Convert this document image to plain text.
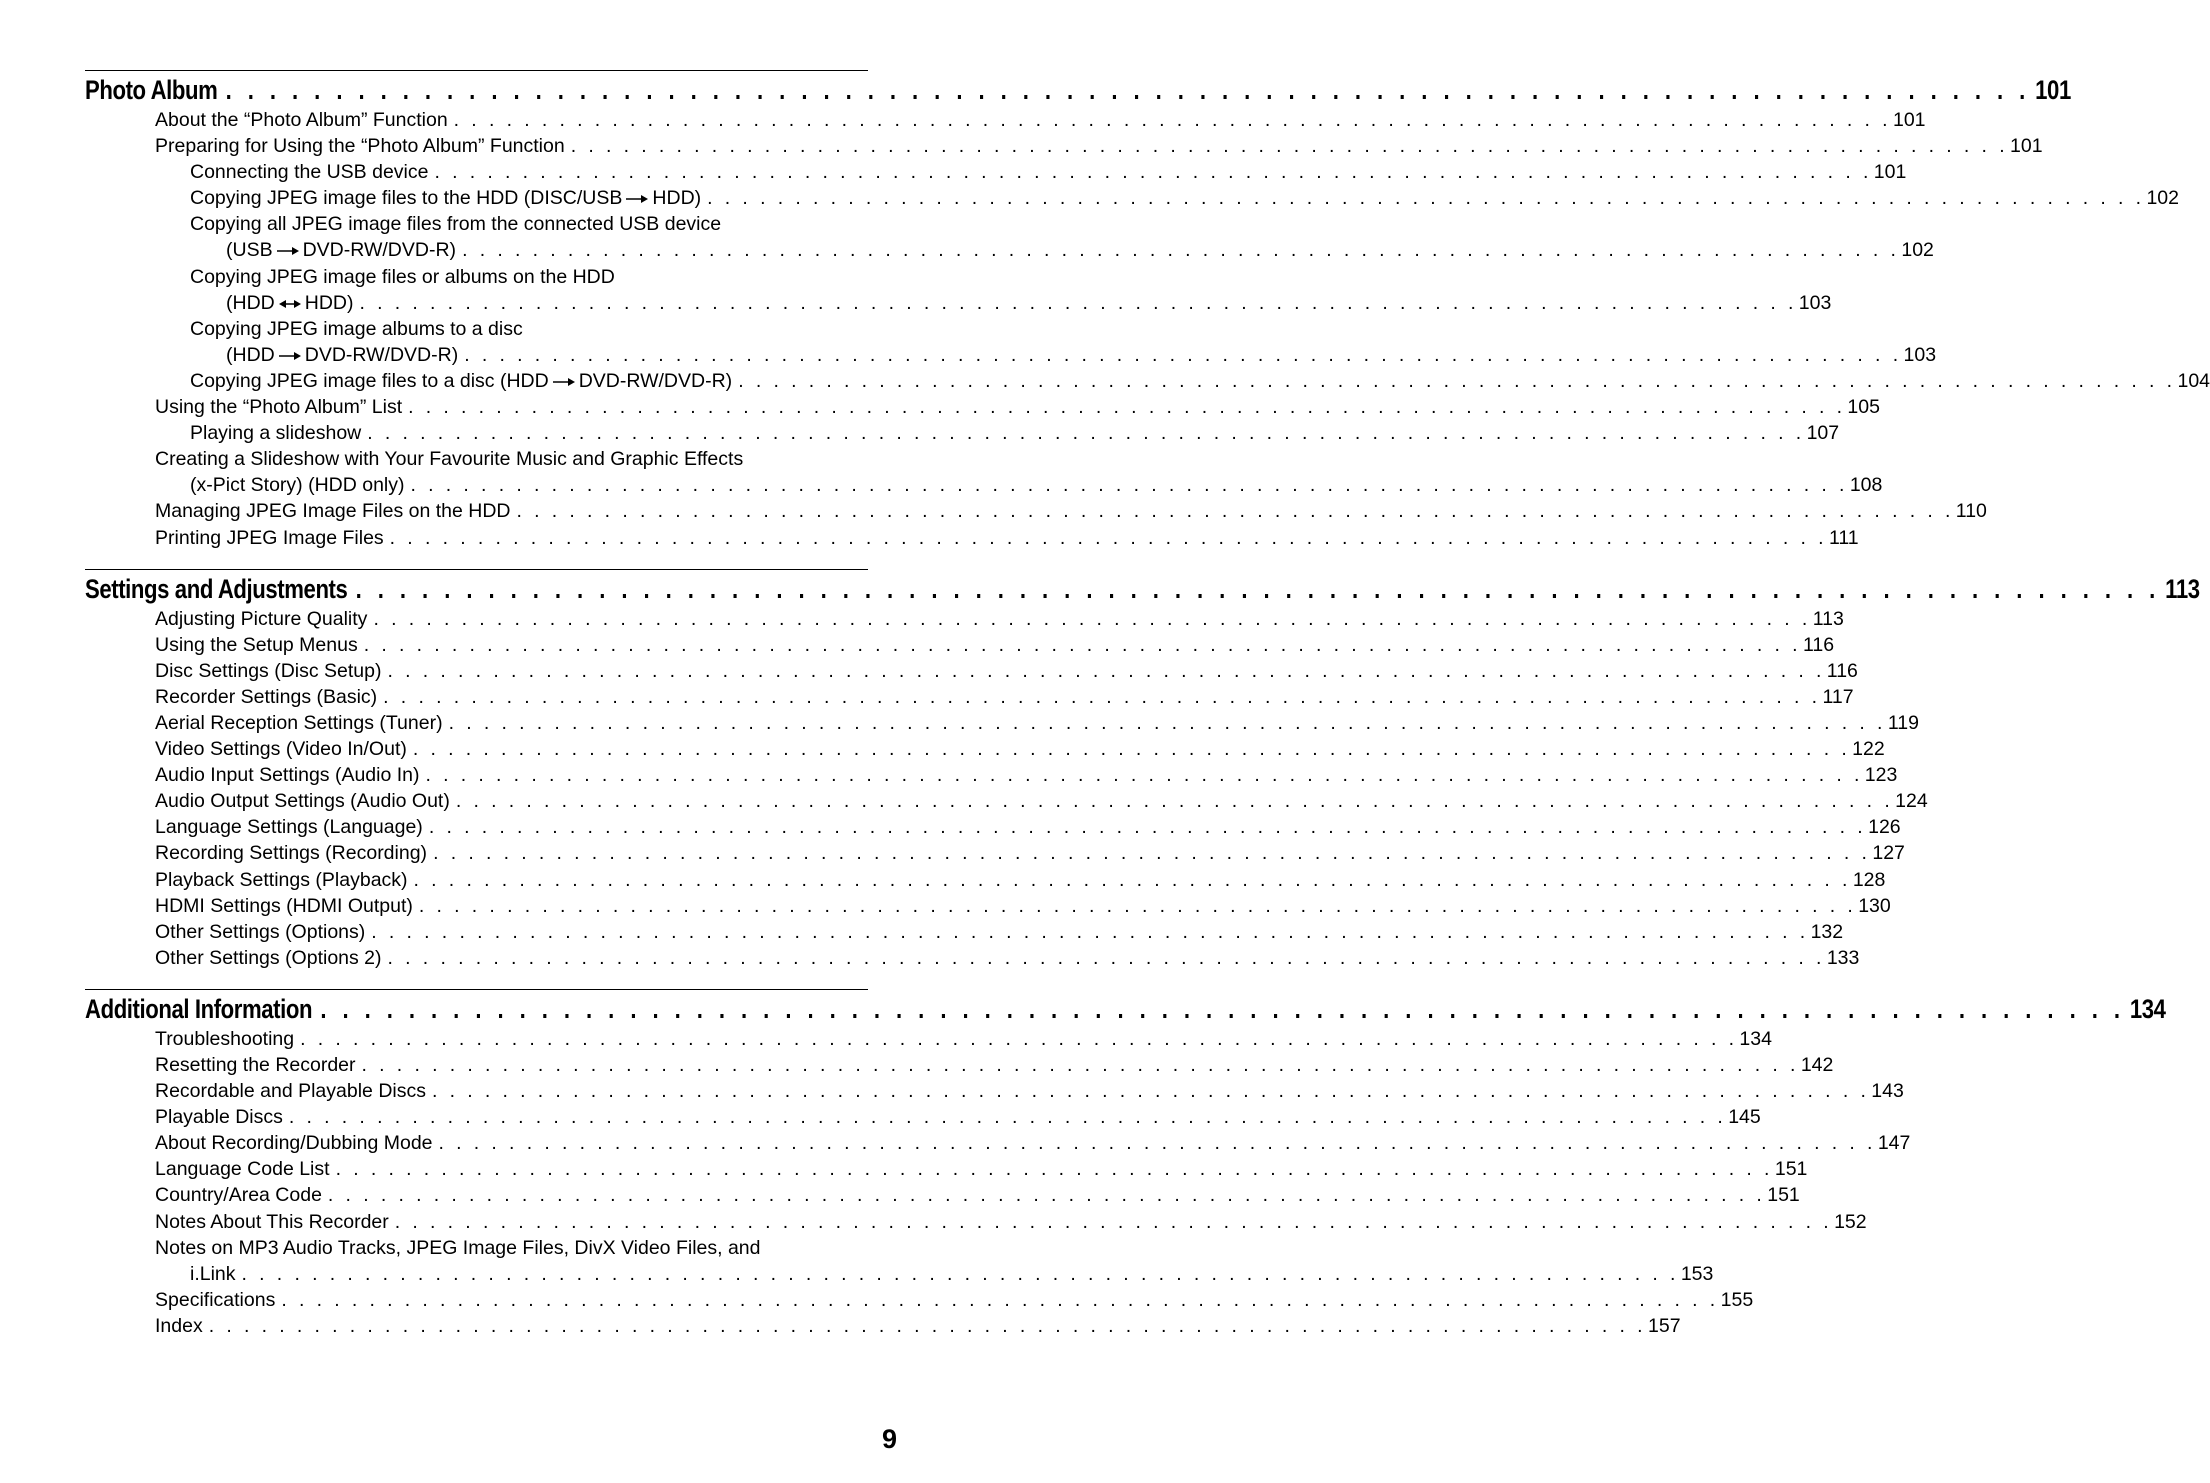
Photo Album . . . . . . . . . . . . . . . . . . . . . . . . . . . . . . . . . . . . . . . . . . . . . . . . . . . . . . . . . . . . . . . . . . . . . . . . . . . . . . . . . . 101
About the “Photo Album” Function . . . . . . . . . . . . . . . . . . . . . . . . . . . . . . . . . . . . . . . . . . . . . . . . . . . . . . . . . . . . . . . . . . . . . . . . . . . . . . . . . . 101
Preparing for Using the “Photo Album” Function . . . . . . . . . . . . . . . . . . . . . . . . . . . . . . . . . . . . . . . . . . . . . . . . . . . . . . . . . . . . . . . . . . . . . . . . . . . . . . . . . . 101
Connecting the USB device . . . . . . . . . . . . . . . . . . . . . . . . . . . . . . . . . . . . . . . . . . . . . . . . . . . . . . . . . . . . . . . . . . . . . . . . . . . . . . . . . . 101
Copying JPEG image files to the HDD (DISC/USB HDD) . . . . . . . . . . . . . . . . . . . . . . . . . . . . . . . . . . . . . . . . . . . . . . . . . . . . . . . . . . . . . . . . . . . . . . . . . . . . . . . . . . 102
Copying all JPEG image files from the connected USB device
(USB DVD-RW/DVD-R) . . . . . . . . . . . . . . . . . . . . . . . . . . . . . . . . . . . . . . . . . . . . . . . . . . . . . . . . . . . . . . . . . . . . . . . . . . . . . . . . . . 102
Copying JPEG image files or albums on the HDD
(HDD HDD) . . . . . . . . . . . . . . . . . . . . . . . . . . . . . . . . . . . . . . . . . . . . . . . . . . . . . . . . . . . . . . . . . . . . . . . . . . . . . . . . . . 103
Copying JPEG image albums to a disc
(HDD DVD-RW/DVD-R) . . . . . . . . . . . . . . . . . . . . . . . . . . . . . . . . . . . . . . . . . . . . . . . . . . . . . . . . . . . . . . . . . . . . . . . . . . . . . . . . . . 103
Copying JPEG image files to a disc (HDD DVD-RW/DVD-R) . . . . . . . . . . . . . . . . . . . . . . . . . . . . . . . . . . . . . . . . . . . . . . . . . . . . . . . . . . . . . . . . . . . . . . . . . . . . . . . . . . 104
Using the “Photo Album” List . . . . . . . . . . . . . . . . . . . . . . . . . . . . . . . . . . . . . . . . . . . . . . . . . . . . . . . . . . . . . . . . . . . . . . . . . . . . . . . . . . 105
Playing a slideshow . . . . . . . . . . . . . . . . . . . . . . . . . . . . . . . . . . . . . . . . . . . . . . . . . . . . . . . . . . . . . . . . . . . . . . . . . . . . . . . . . . 107
Creating a Slideshow with Your Favourite Music and Graphic Effects
(x-Pict Story) (HDD only) . . . . . . . . . . . . . . . . . . . . . . . . . . . . . . . . . . . . . . . . . . . . . . . . . . . . . . . . . . . . . . . . . . . . . . . . . . . . . . . . . . 108
Managing JPEG Image Files on the HDD . . . . . . . . . . . . . . . . . . . . . . . . . . . . . . . . . . . . . . . . . . . . . . . . . . . . . . . . . . . . . . . . . . . . . . . . . . . . . . . . . . 110
Printing JPEG Image Files . . . . . . . . . . . . . . . . . . . . . . . . . . . . . . . . . . . . . . . . . . . . . . . . . . . . . . . . . . . . . . . . . . . . . . . . . . . . . . . . . . 111
Settings and Adjustments . . . . . . . . . . . . . . . . . . . . . . . . . . . . . . . . . . . . . . . . . . . . . . . . . . . . . . . . . . . . . . . . . . . . . . . . . . . . . . . . . . 113
Adjusting Picture Quality . . . . . . . . . . . . . . . . . . . . . . . . . . . . . . . . . . . . . . . . . . . . . . . . . . . . . . . . . . . . . . . . . . . . . . . . . . . . . . . . . . 113
Using the Setup Menus . . . . . . . . . . . . . . . . . . . . . . . . . . . . . . . . . . . . . . . . . . . . . . . . . . . . . . . . . . . . . . . . . . . . . . . . . . . . . . . . . . 116
Disc Settings (Disc Setup) . . . . . . . . . . . . . . . . . . . . . . . . . . . . . . . . . . . . . . . . . . . . . . . . . . . . . . . . . . . . . . . . . . . . . . . . . . . . . . . . . . 116
Recorder Settings (Basic) . . . . . . . . . . . . . . . . . . . . . . . . . . . . . . . . . . . . . . . . . . . . . . . . . . . . . . . . . . . . . . . . . . . . . . . . . . . . . . . . . . 117
Aerial Reception Settings (Tuner) . . . . . . . . . . . . . . . . . . . . . . . . . . . . . . . . . . . . . . . . . . . . . . . . . . . . . . . . . . . . . . . . . . . . . . . . . . . . . . . . . . 119
Video Settings (Video In/Out) . . . . . . . . . . . . . . . . . . . . . . . . . . . . . . . . . . . . . . . . . . . . . . . . . . . . . . . . . . . . . . . . . . . . . . . . . . . . . . . . . . 122
Audio Input Settings (Audio In) . . . . . . . . . . . . . . . . . . . . . . . . . . . . . . . . . . . . . . . . . . . . . . . . . . . . . . . . . . . . . . . . . . . . . . . . . . . . . . . . . . 123
Audio Output Settings (Audio Out) . . . . . . . . . . . . . . . . . . . . . . . . . . . . . . . . . . . . . . . . . . . . . . . . . . . . . . . . . . . . . . . . . . . . . . . . . . . . . . . . . . 124
Language Settings (Language) . . . . . . . . . . . . . . . . . . . . . . . . . . . . . . . . . . . . . . . . . . . . . . . . . . . . . . . . . . . . . . . . . . . . . . . . . . . . . . . . . . 126
Recording Settings (Recording) . . . . . . . . . . . . . . . . . . . . . . . . . . . . . . . . . . . . . . . . . . . . . . . . . . . . . . . . . . . . . . . . . . . . . . . . . . . . . . . . . . 127
Playback Settings (Playback) . . . . . . . . . . . . . . . . . . . . . . . . . . . . . . . . . . . . . . . . . . . . . . . . . . . . . . . . . . . . . . . . . . . . . . . . . . . . . . . . . . 128
HDMI Settings (HDMI Output) . . . . . . . . . . . . . . . . . . . . . . . . . . . . . . . . . . . . . . . . . . . . . . . . . . . . . . . . . . . . . . . . . . . . . . . . . . . . . . . . . . 130
Other Settings (Options) . . . . . . . . . . . . . . . . . . . . . . . . . . . . . . . . . . . . . . . . . . . . . . . . . . . . . . . . . . . . . . . . . . . . . . . . . . . . . . . . . . 132
Other Settings (Options 2) . . . . . . . . . . . . . . . . . . . . . . . . . . . . . . . . . . . . . . . . . . . . . . . . . . . . . . . . . . . . . . . . . . . . . . . . . . . . . . . . . . 133
Additional Information . . . . . . . . . . . . . . . . . . . . . . . . . . . . . . . . . . . . . . . . . . . . . . . . . . . . . . . . . . . . . . . . . . . . . . . . . . . . . . . . . . 134
Troubleshooting . . . . . . . . . . . . . . . . . . . . . . . . . . . . . . . . . . . . . . . . . . . . . . . . . . . . . . . . . . . . . . . . . . . . . . . . . . . . . . . . . . 134
Resetting the Recorder . . . . . . . . . . . . . . . . . . . . . . . . . . . . . . . . . . . . . . . . . . . . . . . . . . . . . . . . . . . . . . . . . . . . . . . . . . . . . . . . . . 142
Recordable and Playable Discs . . . . . . . . . . . . . . . . . . . . . . . . . . . . . . . . . . . . . . . . . . . . . . . . . . . . . . . . . . . . . . . . . . . . . . . . . . . . . . . . . . 143
Playable Discs . . . . . . . . . . . . . . . . . . . . . . . . . . . . . . . . . . . . . . . . . . . . . . . . . . . . . . . . . . . . . . . . . . . . . . . . . . . . . . . . . . 145
About Recording/Dubbing Mode . . . . . . . . . . . . . . . . . . . . . . . . . . . . . . . . . . . . . . . . . . . . . . . . . . . . . . . . . . . . . . . . . . . . . . . . . . . . . . . . . . 147
Language Code List . . . . . . . . . . . . . . . . . . . . . . . . . . . . . . . . . . . . . . . . . . . . . . . . . . . . . . . . . . . . . . . . . . . . . . . . . . . . . . . . . . 151
Country/Area Code . . . . . . . . . . . . . . . . . . . . . . . . . . . . . . . . . . . . . . . . . . . . . . . . . . . . . . . . . . . . . . . . . . . . . . . . . . . . . . . . . . 151
Notes About This Recorder . . . . . . . . . . . . . . . . . . . . . . . . . . . . . . . . . . . . . . . . . . . . . . . . . . . . . . . . . . . . . . . . . . . . . . . . . . . . . . . . . . 152
Notes on MP3 Audio Tracks, JPEG Image Files, DivX Video Files, and
i.Link . . . . . . . . . . . . . . . . . . . . . . . . . . . . . . . . . . . . . . . . . . . . . . . . . . . . . . . . . . . . . . . . . . . . . . . . . . . . . . . . . . 153
Specifications . . . . . . . . . . . . . . . . . . . . . . . . . . . . . . . . . . . . . . . . . . . . . . . . . . . . . . . . . . . . . . . . . . . . . . . . . . . . . . . . . . 155
Index . . . . . . . . . . . . . . . . . . . . . . . . . . . . . . . . . . . . . . . . . . . . . . . . . . . . . . . . . . . . . . . . . . . . . . . . . . . . . . . . . . 157
9
